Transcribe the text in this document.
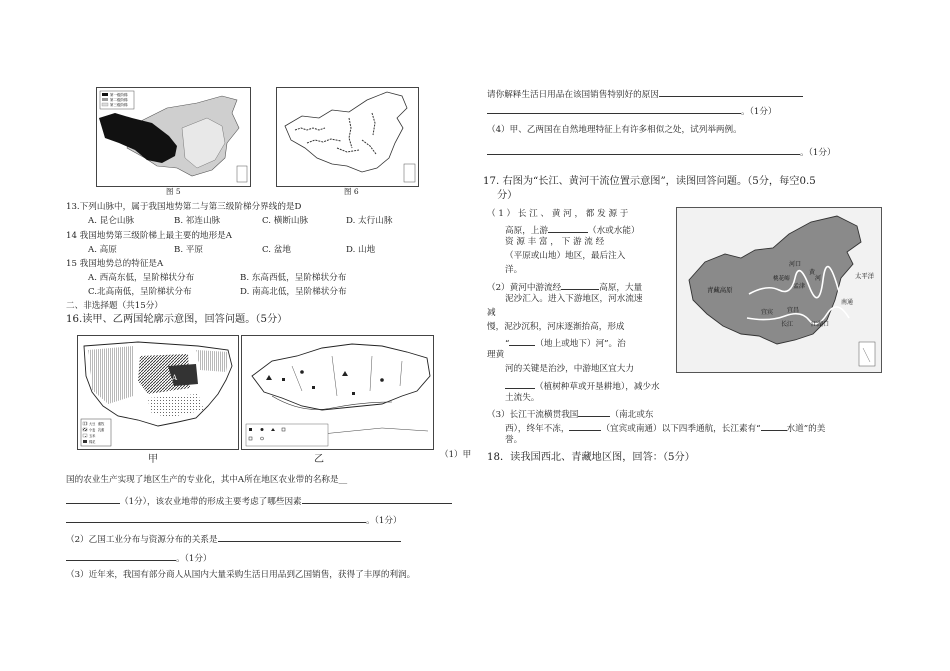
第一级阶梯
第二级阶梯
第三级阶梯
图 5	图 6
13.下列山脉中，属于我国地势第二与第三级阶梯分界线的是D
A. 昆仑山脉	B. 祁连山脉	C. 横断山脉	D. 太行山脉
14 我国地势第三级阶梯上最主要的地形是A
A. 高原	B. 平原	C. 盆地	D. 山地
15 我国地势总的特征是A
A. 西高东低，呈阶梯状分布	B. 东高西低，呈阶梯状分布
C.北高南低，呈阶梯状分布	D. 南高北低，呈阶梯状分布
二、非选择题（共15分）
16.读甲、乙两国轮廓示意图，回答问题。（5分）
A
大豆
小麦
玉米
棉花
畜牧
乳畜
甲	乙	（1）甲
国的农业生产实现了地区生产的专业化，其中A所在地区农业带的名称是__
（1分），该农业地带的形成主要考虑了哪些因素
。（1分）
（2）乙国工业分布与资源分布的关系是
。（1分）
（3）近年来，我国有部分商人从国内大量采购生活日用品到乙国销售，获得了丰厚的利润。
请你解释生活日用品在该国销售特别好的原因
。（1分）
（4）甲、乙两国在自然地理特征上有许多相似之处，试列举两例。
。（1分）
17. 右图为“长江、黄河干流位置示意图”，读图回答问题。（5分，每空0.5
分）
（ 1 ） 长 江 、 黄 河 ， 都 发 源 于
高原，上游	（水或水能）
资 源 丰 富 ， 下 游 流 经
（平原或山地）地区，最后注入
洋。
（2）黄河中游流经	高原，大量
泥沙汇入。进入下游地区，河水流速
减
慢，泥沙沉积，河床逐渐抬高，形成
“	（地上或地下）河”。治
理黄
河的关键是治沙，中游地区宜大力
（植树种草或开垦耕地），减少水
土流失。
（3）长江干流横贯我国	（南北或东
西），终年不冻，	（宜宾或南通）以下四季通航，长江素有“	水道”的美
誉。
18．读我国西北、青藏地区图，回答：（5分）
青藏高原
河口
桃花峪
孟津
黄
河
宜宾 宜昌
长江	江 湖口
南通
太平洋
